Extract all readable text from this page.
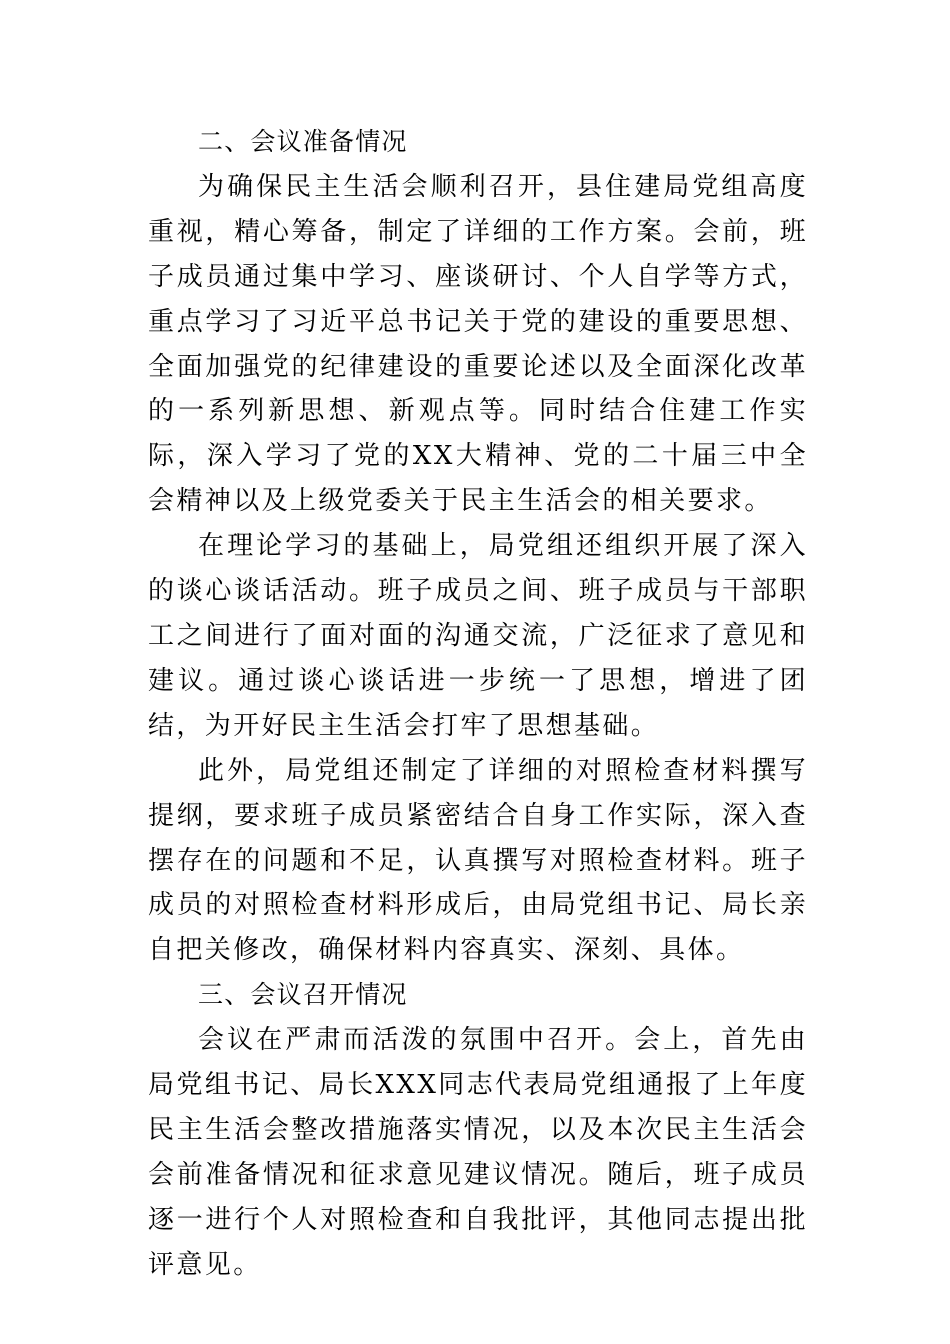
二、会议准备情况

为确保民主生活会顺利召开，县住建局党组高度重视，精心筹备，制定了详细的工作方案。会前，班子成员通过集中学习、座谈研讨、个人自学等方式，重点学习了习近平总书记关于党的建设的重要思想、全面加强党的纪律建设的重要论述以及全面深化改革的一系列新思想、新观点等。同时结合住建工作实际，深入学习了党的XX大精神、党的二十届三中全会精神以及上级党委关于民主生活会的相关要求。

在理论学习的基础上，局党组还组织开展了深入的谈心谈话活动。班子成员之间、班子成员与干部职工之间进行了面对面的沟通交流，广泛征求了意见和建议。通过谈心谈话进一步统一了思想，增进了团结，为开好民主生活会打牢了思想基础。

此外，局党组还制定了详细的对照检查材料撰写提纲，要求班子成员紧密结合自身工作实际，深入查摆存在的问题和不足，认真撰写对照检查材料。班子成员的对照检查材料形成后，由局党组书记、局长亲自把关修改，确保材料内容真实、深刻、具体。

三、会议召开情况

会议在严肃而活泼的氛围中召开。会上，首先由局党组书记、局长XXX同志代表局党组通报了上年度民主生活会整改措施落实情况，以及本次民主生活会会前准备情况和征求意见建议情况。随后，班子成员逐一进行个人对照检查和自我批评，其他同志提出批评意见。
